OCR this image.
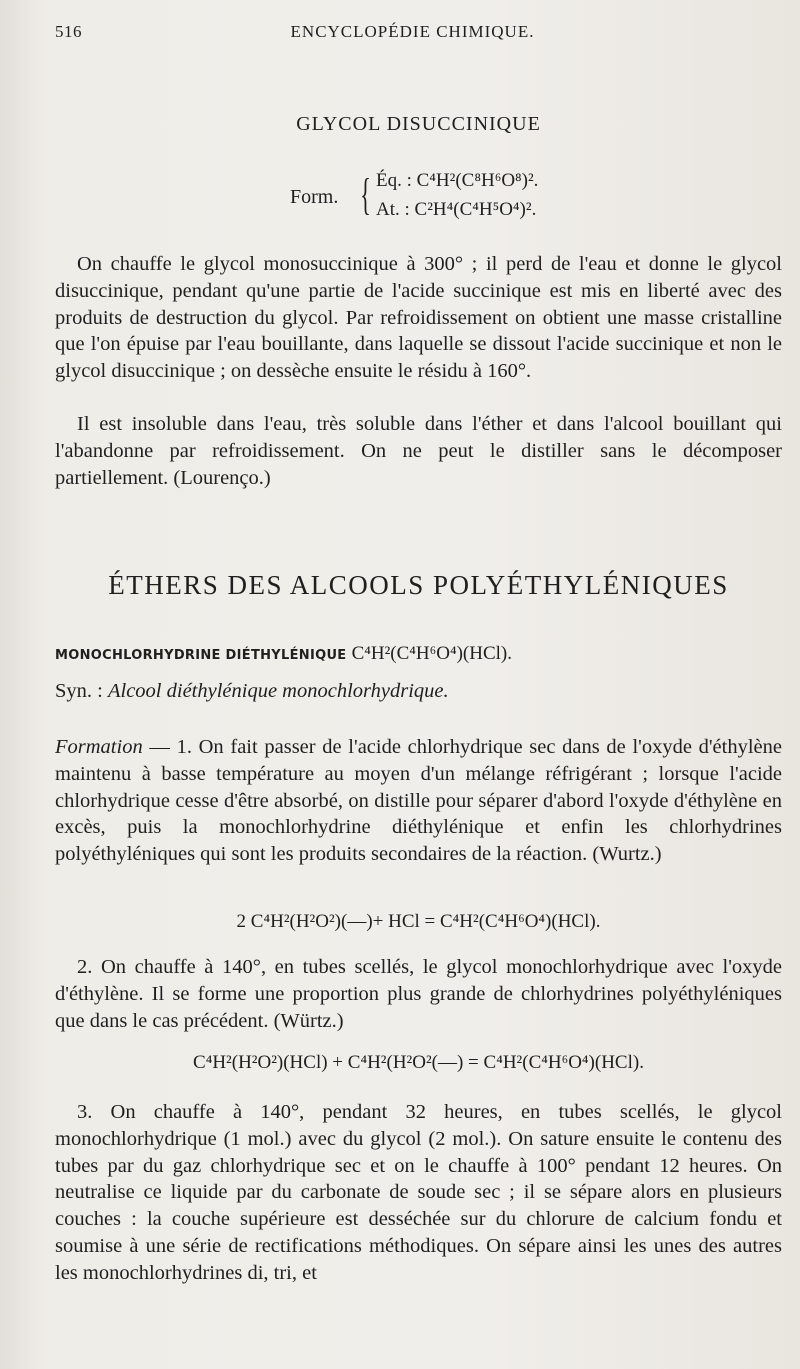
516	ENCYCLOPÉDIE CHIMIQUE.
GLYCOL DISUCCINIQUE
Form. { Éq. : C⁴H²(C⁸H⁶O⁸)².
At. : C²H⁴(C⁴H⁵O⁴)².

On chauffe le glycol monosuccinique à 300° ; il perd de l'eau et donne le glycol disuccinique, pendant qu'une partie de l'acide succinique est mis en liberté avec des produits de destruction du glycol. Par refroidissement on obtient une masse cristalline que l'on épuise par l'eau bouillante, dans laquelle se dissout l'acide succinique et non le glycol disuccinique ; on dessèche ensuite le résidu à 160°.

Il est insoluble dans l'eau, très soluble dans l'éther et dans l'alcool bouillant qui l'abandonne par refroidissement. On ne peut le distiller sans le décomposer partiellement. (Lourenço.)

ÉTHERS DES ALCOOLS POLYÉTHYLÉNIQUES
MONOCHLORHYDRINE DIÉTHYLÉNIQUE C⁴H²(C⁴H⁶O⁴)(HCl).
Syn. : Alcool diéthylénique monochlorhydrique.

Formation — 1. On fait passer de l'acide chlorhydrique sec dans de l'oxyde d'éthylène maintenu à basse température au moyen d'un mélange réfrigérant ; lorsque l'acide chlorhydrique cesse d'être absorbé, on distille pour séparer d'abord l'oxyde d'éthylène en excès, puis la monochlorhydrine diéthylénique et enfin les chlorhydrines polyéthyléniques qui sont les produits secondaires de la réaction. (Wurtz.)

2 C⁴H²(H²O²)(—)+ HCl = C⁴H²(C⁴H⁶O⁴)(HCl).

2. On chauffe à 140°, en tubes scellés, le glycol monochlorhydrique avec l'oxyde d'éthylène. Il se forme une proportion plus grande de chlorhydrines polyéthyléniques que dans le cas précédent. (Würtz.)

C⁴H²(H²O²)(HCl) + C⁴H²(H²O²(—) = C⁴H²(C⁴H⁶O⁴)(HCl).

3. On chauffe à 140°, pendant 32 heures, en tubes scellés, le glycol monochlorhydrique (1 mol.) avec du glycol (2 mol.). On sature ensuite le contenu des tubes par du gaz chlorhydrique sec et on le chauffe à 100° pendant 12 heures. On neutralise ce liquide par du carbonate de soude sec ; il se sépare alors en plusieurs couches : la couche supérieure est desséchée sur du chlorure de calcium fondu et soumise à une série de rectifications méthodiques. On sépare ainsi les unes des autres les monochlorhydrines di, tri, et
